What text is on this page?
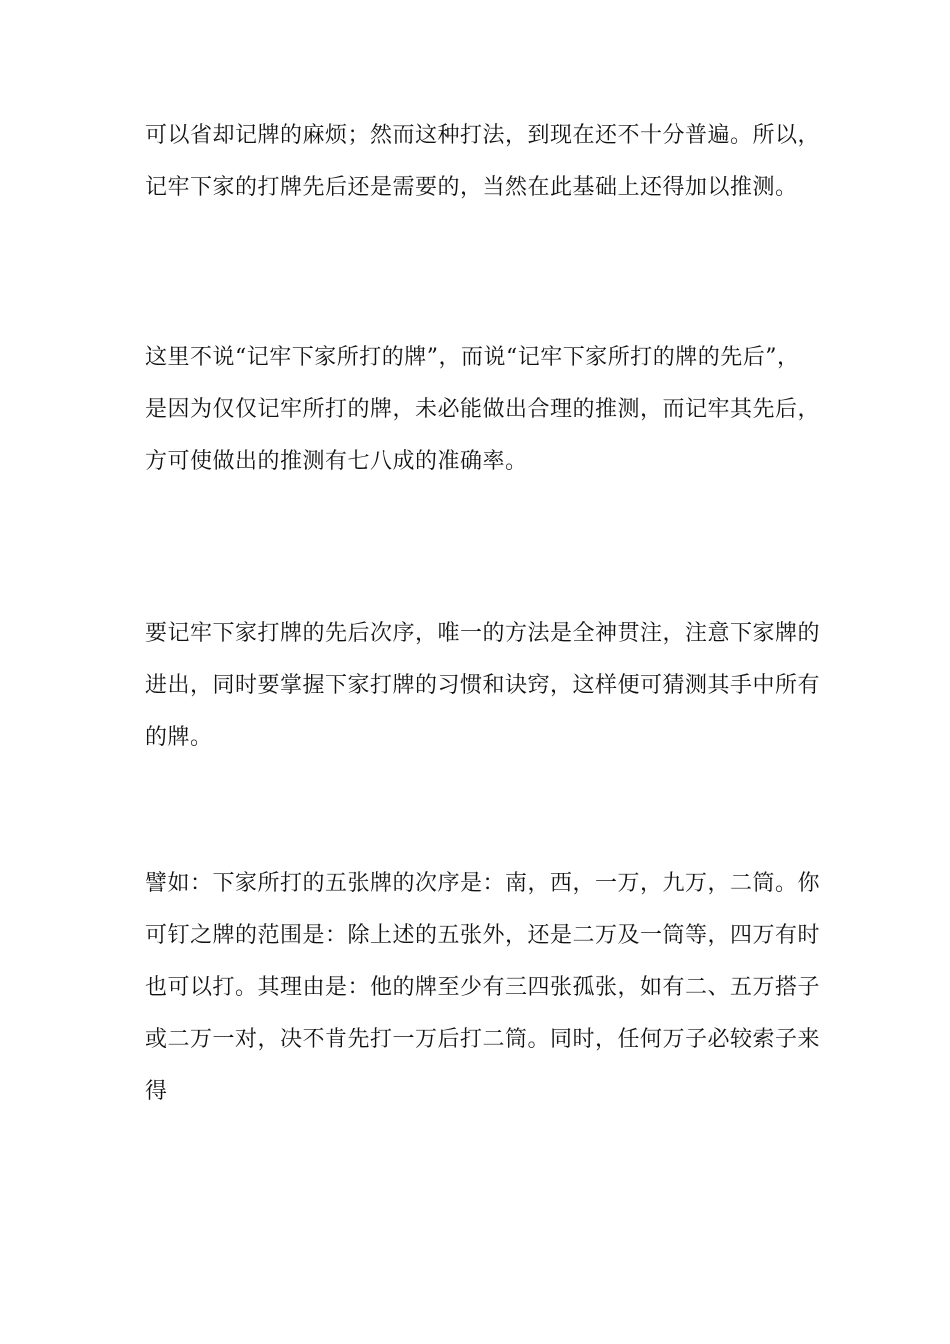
可以省却记牌的麻烦；然而这种打法，到现在还不十分普遍。所以，
记牢下家的打牌先后还是需要的，当然在此基础上还得加以推测。

这里不说“记牢下家所打的牌”，而说“记牢下家所打的牌的先后”，
是因为仅仅记牢所打的牌，未必能做出合理的推测，而记牢其先后，
方可使做出的推测有七八成的准确率。

要记牢下家打牌的先后次序，唯一的方法是全神贯注，注意下家牌的
进出，同时要掌握下家打牌的习惯和诀窍，这样便可猜测其手中所有
的牌。

譬如：下家所打的五张牌的次序是：南，西，一万，九万，二筒。你
可钉之牌的范围是：除上述的五张外，还是二万及一筒等，四万有时
也可以打。其理由是：他的牌至少有三四张孤张，如有二、五万搭子
或二万一对，决不肯先打一万后打二筒。同时，任何万子必较索子来
得
